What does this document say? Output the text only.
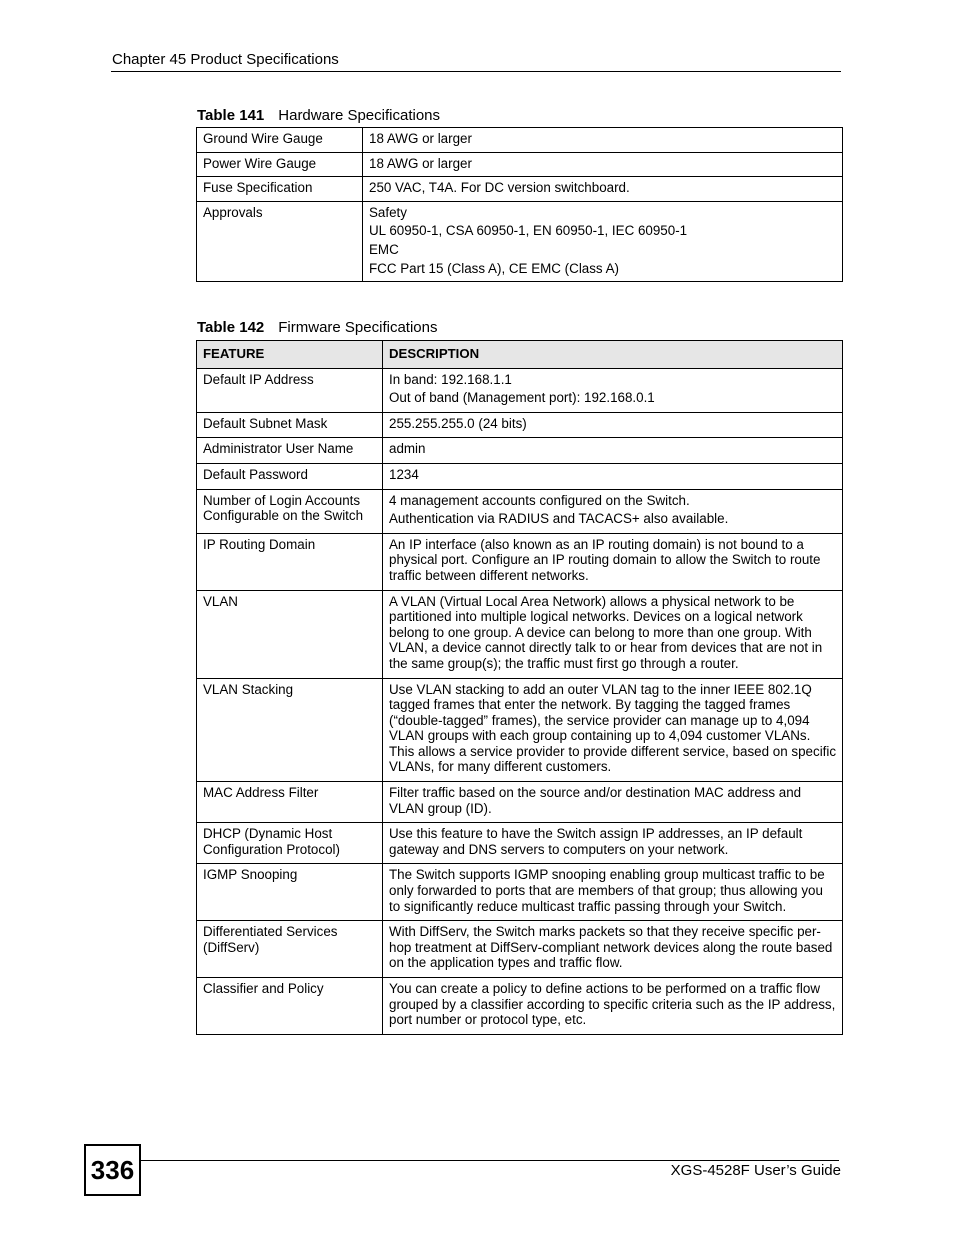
Chapter 45 Product Specifications
Table 141 Hardware Specifications
Ground Wire Gauge	18 AWG or larger

Power Wire Gauge	18 AWG or larger

Fuse Specification	250 VAC, T4A. For DC version switchboard.

Approvals	Safety
UL 60950-1, CSA 60950-1, EN 60950-1, IEC 60950-1
EMC
FCC Part 15 (Class A), CE EMC (Class A)
Table 142 Firmware Specifications
FEATURE	DESCRIPTION
Default IP Address	In band: 192.168.1.1
Out of band (Management port): 192.168.0.1

Default Subnet Mask	255.255.255.0 (24 bits)

Administrator User Name	admin

Default Password	1234

Number of Login Accounts Configurable on the Switch	4 management accounts configured on the Switch.
Authentication via RADIUS and TACACS+ also available.

IP Routing Domain	An IP interface (also known as an IP routing domain) is not bound to a physical port. Configure an IP routing domain to allow the Switch to route traffic between different networks.

VLAN	A VLAN (Virtual Local Area Network) allows a physical network to be partitioned into multiple logical networks. Devices on a logical network belong to one group. A device can belong to more than one group. With VLAN, a device cannot directly talk to or hear from devices that are not in the same group(s); the traffic must first go through a router.

VLAN Stacking	Use VLAN stacking to add an outer VLAN tag to the inner IEEE 802.1Q tagged frames that enter the network. By tagging the tagged frames (“double-tagged” frames), the service provider can manage up to 4,094 VLAN groups with each group containing up to 4,094 customer VLANs. This allows a service provider to provide different service, based on specific VLANs, for many different customers.

MAC Address Filter	Filter traffic based on the source and/or destination MAC address and VLAN group (ID).

DHCP (Dynamic Host Configuration Protocol)	Use this feature to have the Switch assign IP addresses, an IP default gateway and DNS servers to computers on your network.

IGMP Snooping	The Switch supports IGMP snooping enabling group multicast traffic to be only forwarded to ports that are members of that group; thus allowing you to significantly reduce multicast traffic passing through your Switch.

Differentiated Services (DiffServ)	With DiffServ, the Switch marks packets so that they receive specific per-hop treatment at DiffServ-compliant network devices along the route based on the application types and traffic flow.

Classifier and Policy	You can create a policy to define actions to be performed on a traffic flow grouped by a classifier according to specific criteria such as the IP address, port number or protocol type, etc.
336	XGS-4528F User’s Guide
